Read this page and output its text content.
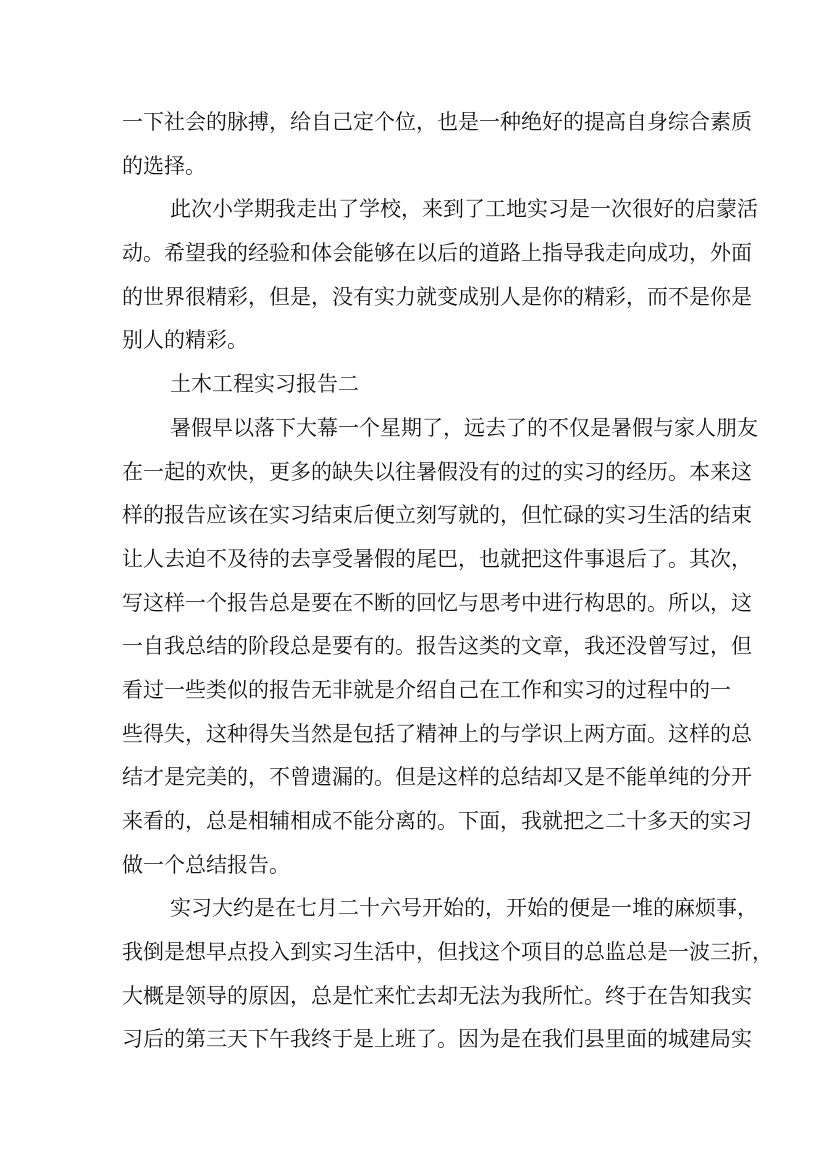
一下社会的脉搏，给自己定个位，也是一种绝好的提高自身综合素质
的选择。
此次小学期我走出了学校，来到了工地实习是一次很好的启蒙活
动。希望我的经验和体会能够在以后的道路上指导我走向成功，外面
的世界很精彩，但是，没有实力就变成别人是你的精彩，而不是你是
别人的精彩。
土木工程实习报告二
暑假早以落下大幕一个星期了，远去了的不仅是暑假与家人朋友
在一起的欢快，更多的缺失以往暑假没有的过的实习的经历。本来这
样的报告应该在实习结束后便立刻写就的，但忙碌的实习生活的结束
让人去迫不及待的去享受暑假的尾巴，也就把这件事退后了。其次，
写这样一个报告总是要在不断的回忆与思考中进行构思的。所以，这
一自我总结的阶段总是要有的。报告这类的文章，我还没曾写过，但
看过一些类似的报告无非就是介绍自己在工作和实习的过程中的一
些得失，这种得失当然是包括了精神上的与学识上两方面。这样的总
结才是完美的，不曾遗漏的。但是这样的总结却又是不能单纯的分开
来看的，总是相辅相成不能分离的。下面，我就把之二十多天的实习
做一个总结报告。
实习大约是在七月二十六号开始的，开始的便是一堆的麻烦事，
我倒是想早点投入到实习生活中，但找这个项目的总监总是一波三折，
大概是领导的原因，总是忙来忙去却无法为我所忙。终于在告知我实
习后的第三天下午我终于是上班了。因为是在我们县里面的城建局实
